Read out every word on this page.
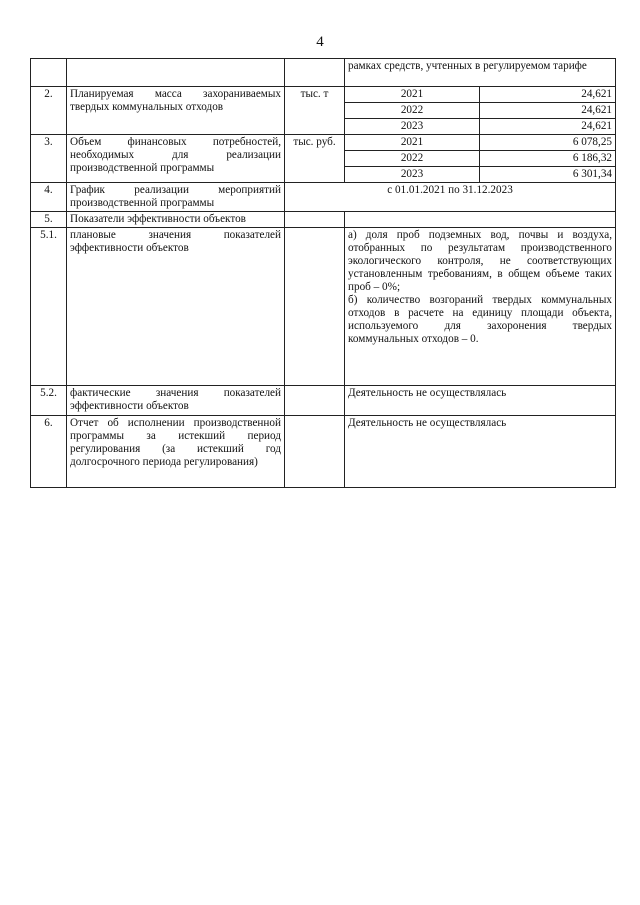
4
			рамках средств, учтенных в регулируемом тарифе	
2.	Планируемая масса захораниваемых твердых коммунальных отходов	тыс. т	2021	24,621
			2022	24,621
			2023	24,621
3.	Объем финансовых потребностей, необходимых для реализации производственной программы	тыс. руб.	2021	6 078,25
			2022	6 186,32
			2023	6 301,34
4.	График реализации мероприятий производственной программы	с 01.01.2021 по 31.12.2023		
5.	Показатели эффективности объектов			
5.1.	плановые значения показателей эффективности объектов		а) доля проб подземных вод, почвы и воздуха, отобранных по результатам производственного экологического контроля, не соответствующих установленным требованиям, в общем объеме таких проб – 0%;

б) количество возгораний твердых коммунальных отходов в расчете на единицу площади объекта, используемого для захоронения твердых коммунальных отходов – 0.	

5.2.	фактические значения показателей эффективности объектов		Деятельность не осуществлялась	
6.	Отчет об исполнении производственной программы за истекший период регулирования (за истекший год долгосрочного периода регулирования)		Деятельность не осуществлялась	
